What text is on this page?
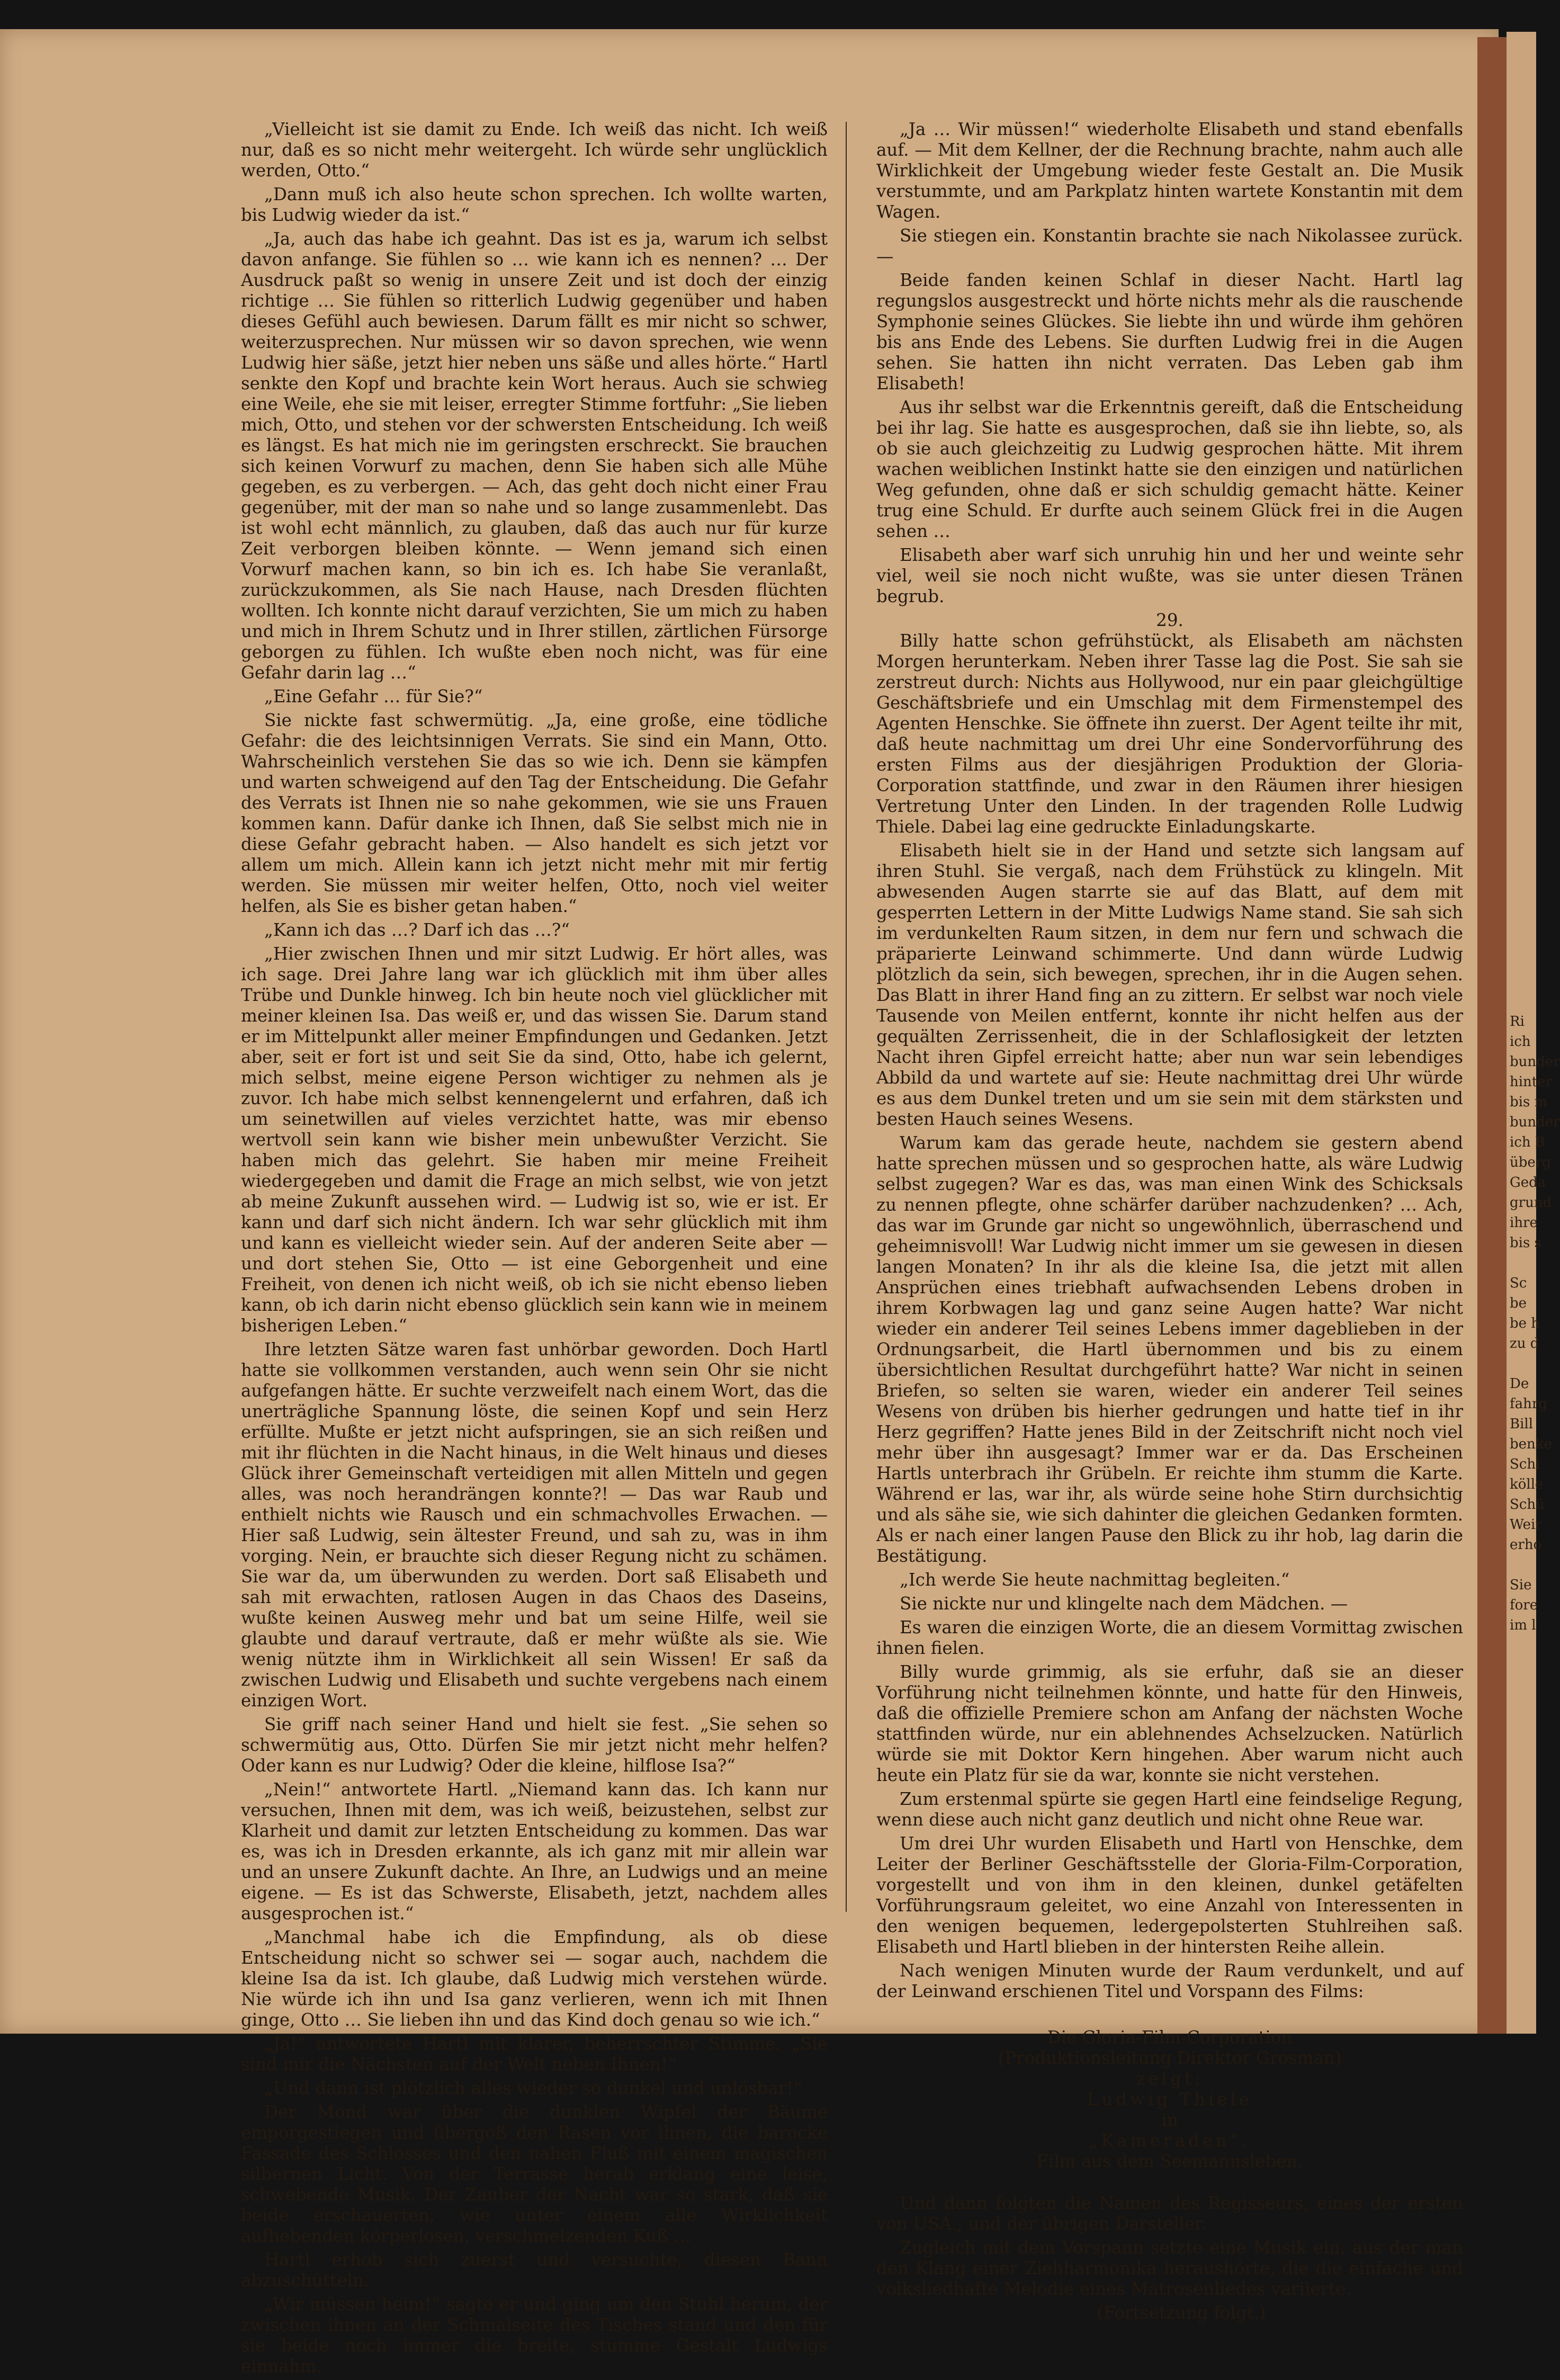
Ri
ich
bunder
hinter
bis m
bunder
ich B
überg
Geda
grund
ihre
bis s

Sc
be
be h
zu d

De
fahrg
Bill
benke
Schi
kölle
Schü
Weir
erho

Sie
fore
im l

„Vielleicht ist sie damit zu Ende. Ich weiß das nicht. Ich weiß nur, daß es so nicht mehr weitergeht. Ich würde sehr unglücklich werden, Otto.“

„Dann muß ich also heute schon sprechen. Ich wollte warten, bis Ludwig wieder da ist.“

„Ja, auch das habe ich geahnt. Das ist es ja, warum ich selbst davon anfange. Sie fühlen so … wie kann ich es nennen? … Der Ausdruck paßt so wenig in unsere Zeit und ist doch der einzig richtige … Sie fühlen so ritterlich Ludwig gegenüber und haben dieses Gefühl auch bewiesen. Darum fällt es mir nicht so schwer, weiterzusprechen. Nur müssen wir so davon sprechen, wie wenn Ludwig hier säße, jetzt hier neben uns säße und alles hörte.“ Hartl senkte den Kopf und brachte kein Wort heraus. Auch sie schwieg eine Weile, ehe sie mit leiser, erregter Stimme fortfuhr: „Sie lieben mich, Otto, und stehen vor der schwersten Entscheidung. Ich weiß es längst. Es hat mich nie im geringsten erschreckt. Sie brauchen sich keinen Vorwurf zu machen, denn Sie haben sich alle Mühe gegeben, es zu verbergen. — Ach, das geht doch nicht einer Frau gegenüber, mit der man so nahe und so lange zusammenlebt. Das ist wohl echt männlich, zu glauben, daß das auch nur für kurze Zeit verborgen bleiben könnte. — Wenn jemand sich einen Vorwurf machen kann, so bin ich es. Ich habe Sie veranlaßt, zurückzukommen, als Sie nach Hause, nach Dresden flüchten wollten. Ich konnte nicht darauf verzichten, Sie um mich zu haben und mich in Ihrem Schutz und in Ihrer stillen, zärtlichen Fürsorge geborgen zu fühlen. Ich wußte eben noch nicht, was für eine Gefahr darin lag …“

„Eine Gefahr … für Sie?“

Sie nickte fast schwermütig. „Ja, eine große, eine tödliche Gefahr: die des leichtsinnigen Verrats. Sie sind ein Mann, Otto. Wahrscheinlich verstehen Sie das so wie ich. Denn sie kämpfen und warten schweigend auf den Tag der Entscheidung. Die Gefahr des Verrats ist Ihnen nie so nahe gekommen, wie sie uns Frauen kommen kann. Dafür danke ich Ihnen, daß Sie selbst mich nie in diese Gefahr gebracht haben. — Also handelt es sich jetzt vor allem um mich. Allein kann ich jetzt nicht mehr mit mir fertig werden. Sie müssen mir weiter helfen, Otto, noch viel weiter helfen, als Sie es bisher getan haben.“

„Kann ich das …? Darf ich das …?“

„Hier zwischen Ihnen und mir sitzt Ludwig. Er hört alles, was ich sage. Drei Jahre lang war ich glücklich mit ihm über alles Trübe und Dunkle hinweg. Ich bin heute noch viel glücklicher mit meiner kleinen Isa. Das weiß er, und das wissen Sie. Darum stand er im Mittelpunkt aller meiner Empfindungen und Gedanken. Jetzt aber, seit er fort ist und seit Sie da sind, Otto, habe ich gelernt, mich selbst, meine eigene Person wichtiger zu nehmen als je zuvor. Ich habe mich selbst kennengelernt und erfahren, daß ich um seinetwillen auf vieles verzichtet hatte, was mir ebenso wertvoll sein kann wie bisher mein unbewußter Verzicht. Sie haben mich das gelehrt. Sie haben mir meine Freiheit wiedergegeben und damit die Frage an mich selbst, wie von jetzt ab meine Zukunft aussehen wird. — Ludwig ist so, wie er ist. Er kann und darf sich nicht ändern. Ich war sehr glücklich mit ihm und kann es vielleicht wieder sein. Auf der anderen Seite aber — und dort stehen Sie, Otto — ist eine Geborgenheit und eine Freiheit, von denen ich nicht weiß, ob ich sie nicht ebenso lieben kann, ob ich darin nicht ebenso glücklich sein kann wie in meinem bisherigen Leben.“

Ihre letzten Sätze waren fast unhörbar geworden. Doch Hartl hatte sie vollkommen verstanden, auch wenn sein Ohr sie nicht aufgefangen hätte. Er suchte verzweifelt nach einem Wort, das die unerträgliche Spannung löste, die seinen Kopf und sein Herz erfüllte. Mußte er jetzt nicht aufspringen, sie an sich reißen und mit ihr flüchten in die Nacht hinaus, in die Welt hinaus und dieses Glück ihrer Gemeinschaft verteidigen mit allen Mitteln und gegen alles, was noch herandrängen konnte?! — Das war Raub und enthielt nichts wie Rausch und ein schmachvolles Erwachen. — Hier saß Ludwig, sein ältester Freund, und sah zu, was in ihm vorging. Nein, er brauchte sich dieser Regung nicht zu schämen. Sie war da, um überwunden zu werden. Dort saß Elisabeth und sah mit erwachten, ratlosen Augen in das Chaos des Daseins, wußte keinen Ausweg mehr und bat um seine Hilfe, weil sie glaubte und darauf vertraute, daß er mehr wüßte als sie. Wie wenig nützte ihm in Wirklichkeit all sein Wissen! Er saß da zwischen Ludwig und Elisabeth und suchte vergebens nach einem einzigen Wort.

Sie griff nach seiner Hand und hielt sie fest. „Sie sehen so schwermütig aus, Otto. Dürfen Sie mir jetzt nicht mehr helfen? Oder kann es nur Ludwig? Oder die kleine, hilflose Isa?“

„Nein!“ antwortete Hartl. „Niemand kann das. Ich kann nur versuchen, Ihnen mit dem, was ich weiß, beizustehen, selbst zur Klarheit und damit zur letzten Entscheidung zu kommen. Das war es, was ich in Dresden erkannte, als ich ganz mit mir allein war und an unsere Zukunft dachte. An Ihre, an Ludwigs und an meine eigene. — Es ist das Schwerste, Elisabeth, jetzt, nachdem alles ausgesprochen ist.“

„Manchmal habe ich die Empfindung, als ob diese Entscheidung nicht so schwer sei — sogar auch, nachdem die kleine Isa da ist. Ich glaube, daß Ludwig mich verstehen würde. Nie würde ich ihn und Isa ganz verlieren, wenn ich mit Ihnen ginge, Otto … Sie lieben ihn und das Kind doch genau so wie ich.“

„Ja!“ antwortete Hartl mit klarer, beherrschter Stimme. „Sie sind mir die Nächsten auf der Welt neben Ihnen!“

„Und dann ist plötzlich alles wieder so dunkel und unlösbar!“

Der Mond war über die dunklen Wipfel der Bäume emporgestiegen und übergoß den Rasen vor ihnen, die barocke Fassade des Schlosses und den nahen Fluß mit einem magischen silbernen Licht. Von der Terrasse herab erklang eine leise, schwebende Musik. Der Zauber der Nacht war so stark, daß sie beide erschauerten, wie unter einem alle Wirklichkeit aufhebenden körperlosen, verschmelzenden Kuß …

Hartl erhob sich zuerst und versuchte, diesen Bann abzuschütteln.

„Wir müssen heim!“ sagte er und ging um den Stuhl herum, der zwischen ihnen an der Schmalseite des Tisches stand und den für sie beide noch immer die breite, stumme Gestalt Ludwigs einnahm.

„Ja … Wir müssen!“ wiederholte Elisabeth und stand ebenfalls auf. — Mit dem Kellner, der die Rechnung brachte, nahm auch alle Wirklichkeit der Umgebung wieder feste Gestalt an. Die Musik verstummte, und am Parkplatz hinten wartete Konstantin mit dem Wagen.

Sie stiegen ein. Konstantin brachte sie nach Nikolassee zurück. —

Beide fanden keinen Schlaf in dieser Nacht. Hartl lag regungslos ausgestreckt und hörte nichts mehr als die rauschende Symphonie seines Glückes. Sie liebte ihn und würde ihm gehören bis ans Ende des Lebens. Sie durften Ludwig frei in die Augen sehen. Sie hatten ihn nicht verraten. Das Leben gab ihm Elisabeth!

Aus ihr selbst war die Erkenntnis gereift, daß die Entscheidung bei ihr lag. Sie hatte es ausgesprochen, daß sie ihn liebte, so, als ob sie auch gleichzeitig zu Ludwig gesprochen hätte. Mit ihrem wachen weiblichen Instinkt hatte sie den einzigen und natürlichen Weg gefunden, ohne daß er sich schuldig gemacht hätte. Keiner trug eine Schuld. Er durfte auch seinem Glück frei in die Augen sehen …

Elisabeth aber warf sich unruhig hin und her und weinte sehr viel, weil sie noch nicht wußte, was sie unter diesen Tränen begrub.

29.

Billy hatte schon gefrühstückt, als Elisabeth am nächsten Morgen herunterkam. Neben ihrer Tasse lag die Post. Sie sah sie zerstreut durch: Nichts aus Hollywood, nur ein paar gleichgültige Geschäftsbriefe und ein Umschlag mit dem Firmenstempel des Agenten Henschke. Sie öffnete ihn zuerst. Der Agent teilte ihr mit, daß heute nachmittag um drei Uhr eine Sondervorführung des ersten Films aus der diesjährigen Produktion der Gloria-Corporation stattfinde, und zwar in den Räumen ihrer hiesigen Vertretung Unter den Linden. In der tragenden Rolle Ludwig Thiele. Dabei lag eine gedruckte Einladungskarte.

Elisabeth hielt sie in der Hand und setzte sich langsam auf ihren Stuhl. Sie vergaß, nach dem Frühstück zu klingeln. Mit abwesenden Augen starrte sie auf das Blatt, auf dem mit gesperrten Lettern in der Mitte Ludwigs Name stand. Sie sah sich im verdunkelten Raum sitzen, in dem nur fern und schwach die präparierte Leinwand schimmerte. Und dann würde Ludwig plötzlich da sein, sich bewegen, sprechen, ihr in die Augen sehen. Das Blatt in ihrer Hand fing an zu zittern. Er selbst war noch viele Tausende von Meilen entfernt, konnte ihr nicht helfen aus der gequälten Zerrissenheit, die in der Schlaflosigkeit der letzten Nacht ihren Gipfel erreicht hatte; aber nun war sein lebendiges Abbild da und wartete auf sie: Heute nachmittag drei Uhr würde es aus dem Dunkel treten und um sie sein mit dem stärksten und besten Hauch seines Wesens.

Warum kam das gerade heute, nachdem sie gestern abend hatte sprechen müssen und so gesprochen hatte, als wäre Ludwig selbst zugegen? War es das, was man einen Wink des Schicksals zu nennen pflegte, ohne schärfer darüber nachzudenken? … Ach, das war im Grunde gar nicht so ungewöhnlich, überraschend und geheimnisvoll! War Ludwig nicht immer um sie gewesen in diesen langen Monaten? In ihr als die kleine Isa, die jetzt mit allen Ansprüchen eines triebhaft aufwachsenden Lebens droben in ihrem Korbwagen lag und ganz seine Augen hatte? War nicht wieder ein anderer Teil seines Lebens immer dageblieben in der Ordnungsarbeit, die Hartl übernommen und bis zu einem übersichtlichen Resultat durchgeführt hatte? War nicht in seinen Briefen, so selten sie waren, wieder ein anderer Teil seines Wesens von drüben bis hierher gedrungen und hatte tief in ihr Herz gegriffen? Hatte jenes Bild in der Zeitschrift nicht noch viel mehr über ihn ausgesagt? Immer war er da. Das Erscheinen Hartls unterbrach ihr Grübeln. Er reichte ihm stumm die Karte. Während er las, war ihr, als würde seine hohe Stirn durchsichtig und als sähe sie, wie sich dahinter die gleichen Gedanken formten. Als er nach einer langen Pause den Blick zu ihr hob, lag darin die Bestätigung.

„Ich werde Sie heute nachmittag begleiten.“

Sie nickte nur und klingelte nach dem Mädchen. —

Es waren die einzigen Worte, die an diesem Vormittag zwischen ihnen fielen.

Billy wurde grimmig, als sie erfuhr, daß sie an dieser Vorführung nicht teilnehmen könnte, und hatte für den Hinweis, daß die offizielle Premiere schon am Anfang der nächsten Woche stattfinden würde, nur ein ablehnendes Achselzucken. Natürlich würde sie mit Doktor Kern hingehen. Aber warum nicht auch heute ein Platz für sie da war, konnte sie nicht verstehen.

Zum erstenmal spürte sie gegen Hartl eine feindselige Regung, wenn diese auch nicht ganz deutlich und nicht ohne Reue war.

Um drei Uhr wurden Elisabeth und Hartl von Henschke, dem Leiter der Berliner Geschäftsstelle der Gloria-Film-Corporation, vorgestellt und von ihm in den kleinen, dunkel getäfelten Vorführungsraum geleitet, wo eine Anzahl von Interessenten in den wenigen bequemen, ledergepolsterten Stuhlreihen saß. Elisabeth und Hartl blieben in der hintersten Reihe allein.

Nach wenigen Minuten wurde der Raum verdunkelt, und auf der Leinwand erschienen Titel und Vorspann des Films:

Die Gloria-Film-Corporation

(Produktionsleitung Direktor Grosman)

zeigt:

Ludwig Thiele

in

„Kameraden“,

Film aus dem Seemannsleben.

Und dann folgten die Namen des Regisseurs, eines der ersten von USA., und der übrigen Darsteller.

Zugleich mit dem Vorspann setzte eine Musik ein, aus der man den Klang einer Ziehharmonika heraushörte, die die einfache und volksliedhafte Melodie eines Matrosenliedes variierte.

(Fortsetzung folgt.)
